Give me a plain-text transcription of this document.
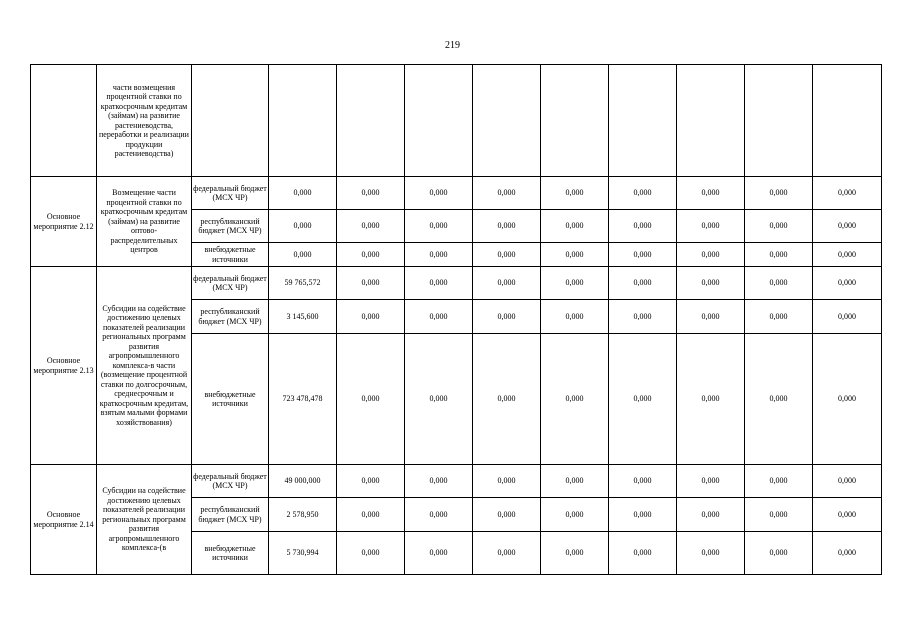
219
	части возмещения процентной ставки по краткосрочным кредитам (займам) на развитие растениеводства, переработки и реализации продукции растениеводства)										
Основное мероприятие 2.12	Возмещение части процентной ставки по краткосрочным кредитам (займам) на развитие оптово-распределительных центров	федеральный бюджет (МСХ ЧР)	0,000	0,000	0,000	0,000	0,000	0,000	0,000	0,000	0,000
		республиканский бюджет (МСХ ЧР)	0,000	0,000	0,000	0,000	0,000	0,000	0,000	0,000	0,000
		внебюджетные источники	0,000	0,000	0,000	0,000	0,000	0,000	0,000	0,000	0,000
Основное мероприятие 2.13	Субсидии на содействие достижению целевых показателей реализации региональных программ развития агропромышленного комплекса-в части (возмещение процентной ставки по долгосрочным, среднесрочным и краткосрочным кредитам, взятым малыми формами хозяйствования)	федеральный бюджет (МСХ ЧР)	59 765,572	0,000	0,000	0,000	0,000	0,000	0,000	0,000	0,000
		республиканский бюджет (МСХ ЧР)	3 145,600	0,000	0,000	0,000	0,000	0,000	0,000	0,000	0,000
		внебюджетные источники	723 478,478	0,000	0,000	0,000	0,000	0,000	0,000	0,000	0,000
Основное мероприятие 2.14	Субсидии на содействие достижению целевых показателей реализации региональных программ развития агропромышленного комплекса-(в	федеральный бюджет (МСХ ЧР)	49 000,000	0,000	0,000	0,000	0,000	0,000	0,000	0,000	0,000
		республиканский бюджет (МСХ ЧР)	2 578,950	0,000	0,000	0,000	0,000	0,000	0,000	0,000	0,000
		внебюджетные источники	5 730,994	0,000	0,000	0,000	0,000	0,000	0,000	0,000	0,000
